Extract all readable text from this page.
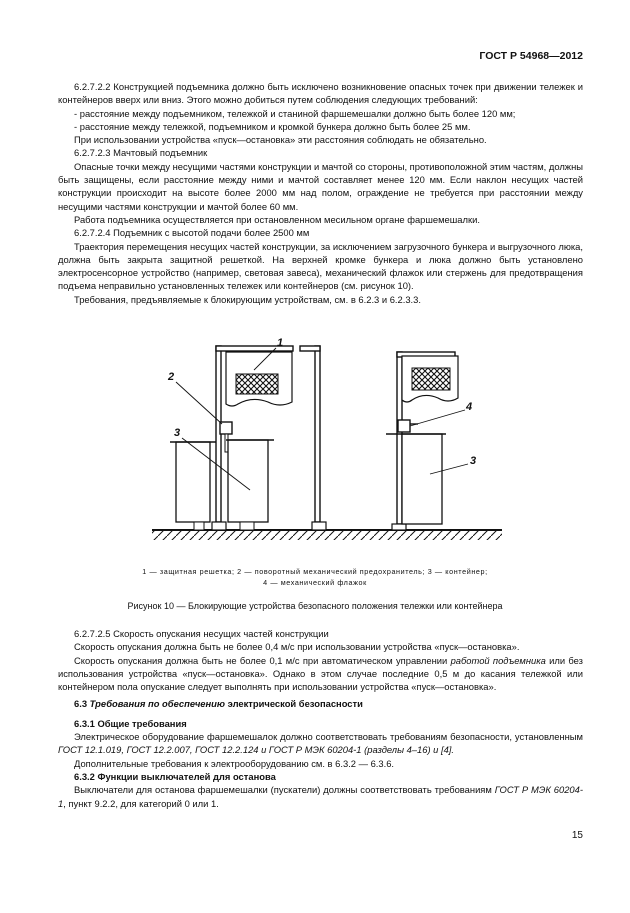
ГОСТ Р 54968—2012

6.2.7.2.2 Конструкцией подъемника должно быть исключено возникновение опасных точек при движении тележек и контейнеров вверх или вниз. Этого можно добиться путем соблюдения следующих требований:

- расстояние между подъемником, тележкой и станиной фаршемешалки должно быть более 120 мм;

- расстояние между тележкой, подъемником и кромкой бункера должно быть более 25 мм.

При использовании устройства «пуск—остановка» эти расстояния соблюдать не обязательно.

6.2.7.2.3 Мачтовый подъемник

Опасные точки между несущими частями конструкции и мачтой со стороны, противоположной этим частям, должны быть защищены, если расстояние между ними и мачтой составляет менее 120 мм. Если наклон несущих частей конструкции происходит на высоте более 2000 мм над полом, ограждение не требуется при расстоянии между несущими частями конструкции и мачтой более 60 мм.

Работа подъемника осуществляется при остановленном месильном органе фаршемешалки.

6.2.7.2.4 Подъемник с высотой подачи более 2500 мм

Траектория перемещения несущих частей конструкции, за исключением загрузочного бункера и выгрузочного люка, должна быть закрыта защитной решеткой. На верхней кромке бункера и люка должно быть установлено электросенсорное устройство (например, световая завеса), механический флажок или стержень для предотвращения подъема неправильно установленных тележек или контейнеров (см. рисунок 10).

Требования, предъявляемые к блокирующим устройствам, см. в 6.2.3 и 6.2.3.3.

1
2
3
4
3
1 — защитная решетка; 2 — поворотный механический предохранитель; 3 — контейнер;
4 — механический флажок
Рисунок 10 — Блокирующие устройства безопасного положения тележки или контейнера

6.2.7.2.5 Скорость опускания несущих частей конструкции

Скорость опускания должна быть не более 0,4 м/с при использовании устройства «пуск—остановка».

Скорость опускания должна быть не более 0,1 м/с при автоматическом управлении работой подъемника или без использования устройства «пуск—остановка». Однако в этом случае последние 0,5 м до касания тележкой или контейнером пола опускание следует выполнять при использовании устройства «пуск—остановка».

6.3 Требования по обеспечению электрической безопасности

6.3.1 Общие требования

Электрическое оборудование фаршемешалок должно соответствовать требованиям безопасности, установленным ГОСТ 12.1.019, ГОСТ 12.2.007, ГОСТ 12.2.124 и ГОСТ Р МЭК 60204-1 (разделы 4–16) и [4].

Дополнительные требования к электрооборудованию см. в 6.3.2 — 6.3.6.

6.3.2 Функции выключателей для останова

Выключатели для останова фаршемешалки (пускатели) должны соответствовать требованиям ГОСТ Р МЭК 60204-1, пункт 9.2.2, для категорий 0 или 1.

15
